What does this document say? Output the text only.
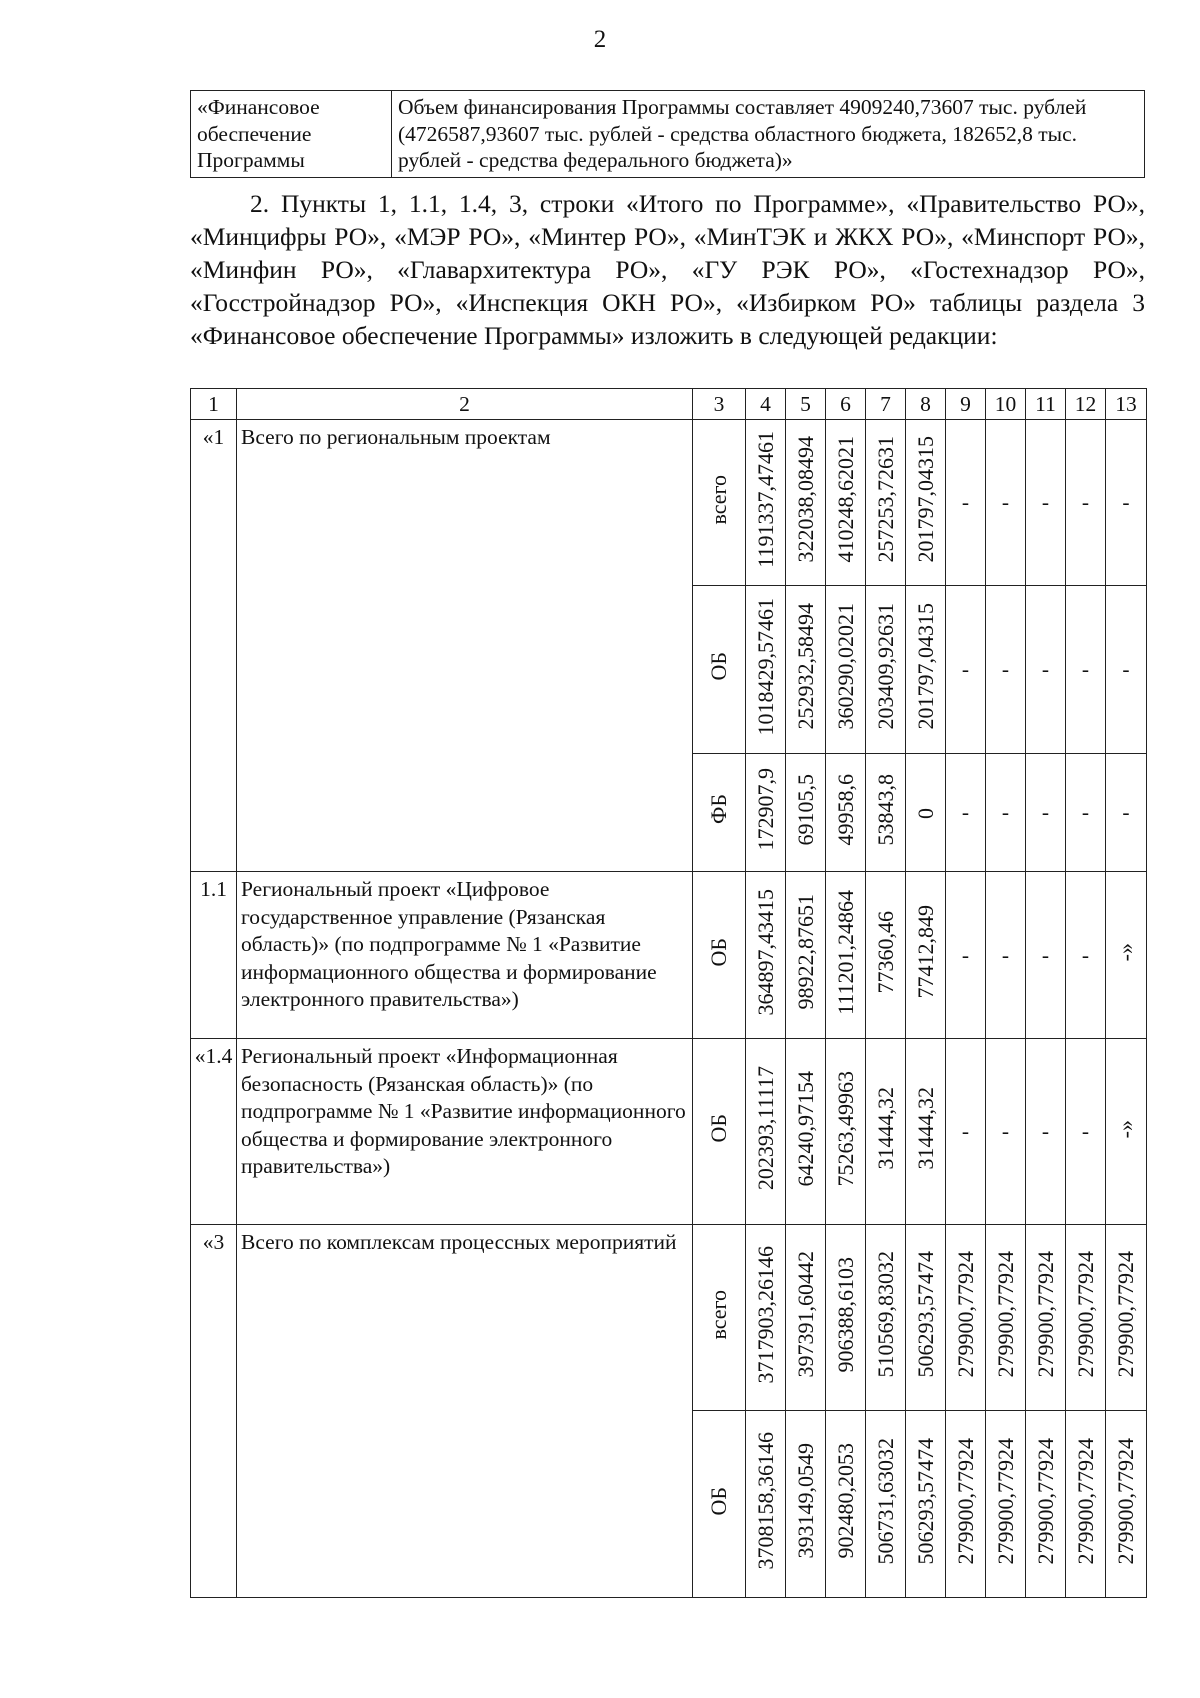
2
«Финансовое обеспечение Программы	Объем финансирования Программы составляет 4909240,73607 тыс. рублей (4726587,93607 тыс. рублей - средства областного бюджета, 182652,8 тыс. рублей - средства федерального бюджета)»

2. Пункты 1, 1.1, 1.4, 3, строки «Итого по Программе», «Правительство РО», «Минцифры РО», «МЭР РО», «Минтер РО», «МинТЭК и ЖКХ РО», «Минспорт РО», «Минфин РО», «Главархитектура РО», «ГУ РЭК РО», «Гостехнадзор РО», «Госстройнадзор РО», «Инспекция ОКН РО», «Избирком РО» таблицы раздела 3 «Финансовое обеспечение Программы» изложить в следующей редакции:

1	2	3	4	5	6	7	8	9	10	11	12	13
«1	Всего по региональным проектам	всего	1191337,47461	322038,08494	410248,62021	257253,72631	201797,04315	-	-	-	-	-
		ОБ	1018429,57461	252932,58494	360290,02021	203409,92631	201797,04315	-	-	-	-	-
		ФБ	172907,9	69105,5	49958,6	53843,8	0	-	-	-	-	-
1.1	Региональный проект «Цифровое государственное управление (Рязанская область)» (по подпрограмме № 1 «Развитие информационного общества и формирование электронного правительства»)	ОБ	364897,43415	98922,87651	111201,24864	77360,46	77412,849	-	-	-	-	-»
«1.4	Региональный проект «Информационная безопасность (Рязанская область)» (по подпрограмме № 1 «Развитие информационного общества и формирование электронного правительства»)	ОБ	202393,11117	64240,97154	75263,49963	31444,32	31444,32	-	-	-	-	-»
«3	Всего по комплексам процессных мероприятий	всего	3717903,26146	397391,60442	906388,6103	510569,83032	506293,57474	279900,77924	279900,77924	279900,77924	279900,77924	279900,77924
		ОБ	3708158,36146	393149,0549	902480,2053	506731,63032	506293,57474	279900,77924	279900,77924	279900,77924	279900,77924	279900,77924
